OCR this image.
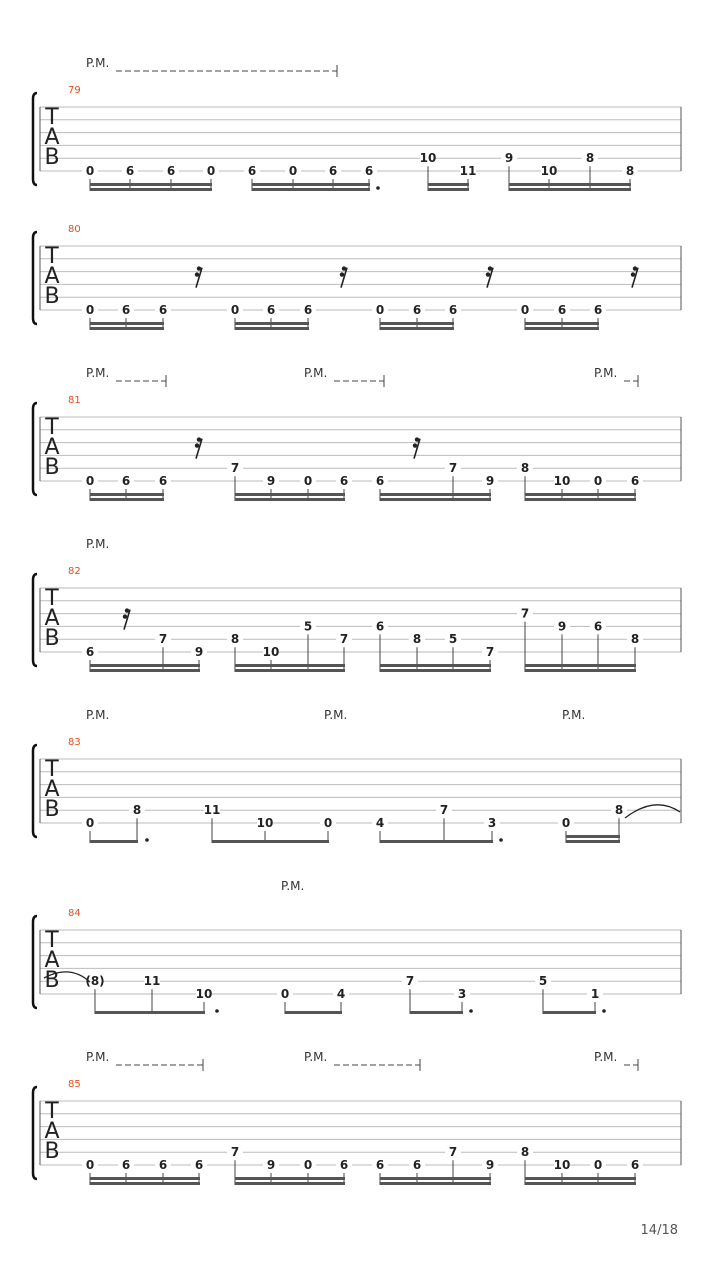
14/18
T
A
B
79
P.M.
0	6	6	0	6	0	6 6
10
11
9
10
8
8
T
A
B
80
0 6 6	0 6 6	0 6 6	0 6 6
T
A
B
81
P.M.	P.M.	P.M.
0 6 6
7
9 0 6 6
7
9
8
10 0 6
T
A
B
82
P.M.
6
7
9
8
10
5
7
6
8 5
7
7
9 6
8
T
A
B
83
P.M.	P.M.	P.M.
0
8	11
10	0	4
7
3	0
8
T
A
B
84
P.M.
(8)	11
10	0	4
7
3
5
1
T
A
B
85
P.M.	P.M.	P.M.
0 6 6 6
7
9 0 6 6 6
7
9
8
10 0 6
